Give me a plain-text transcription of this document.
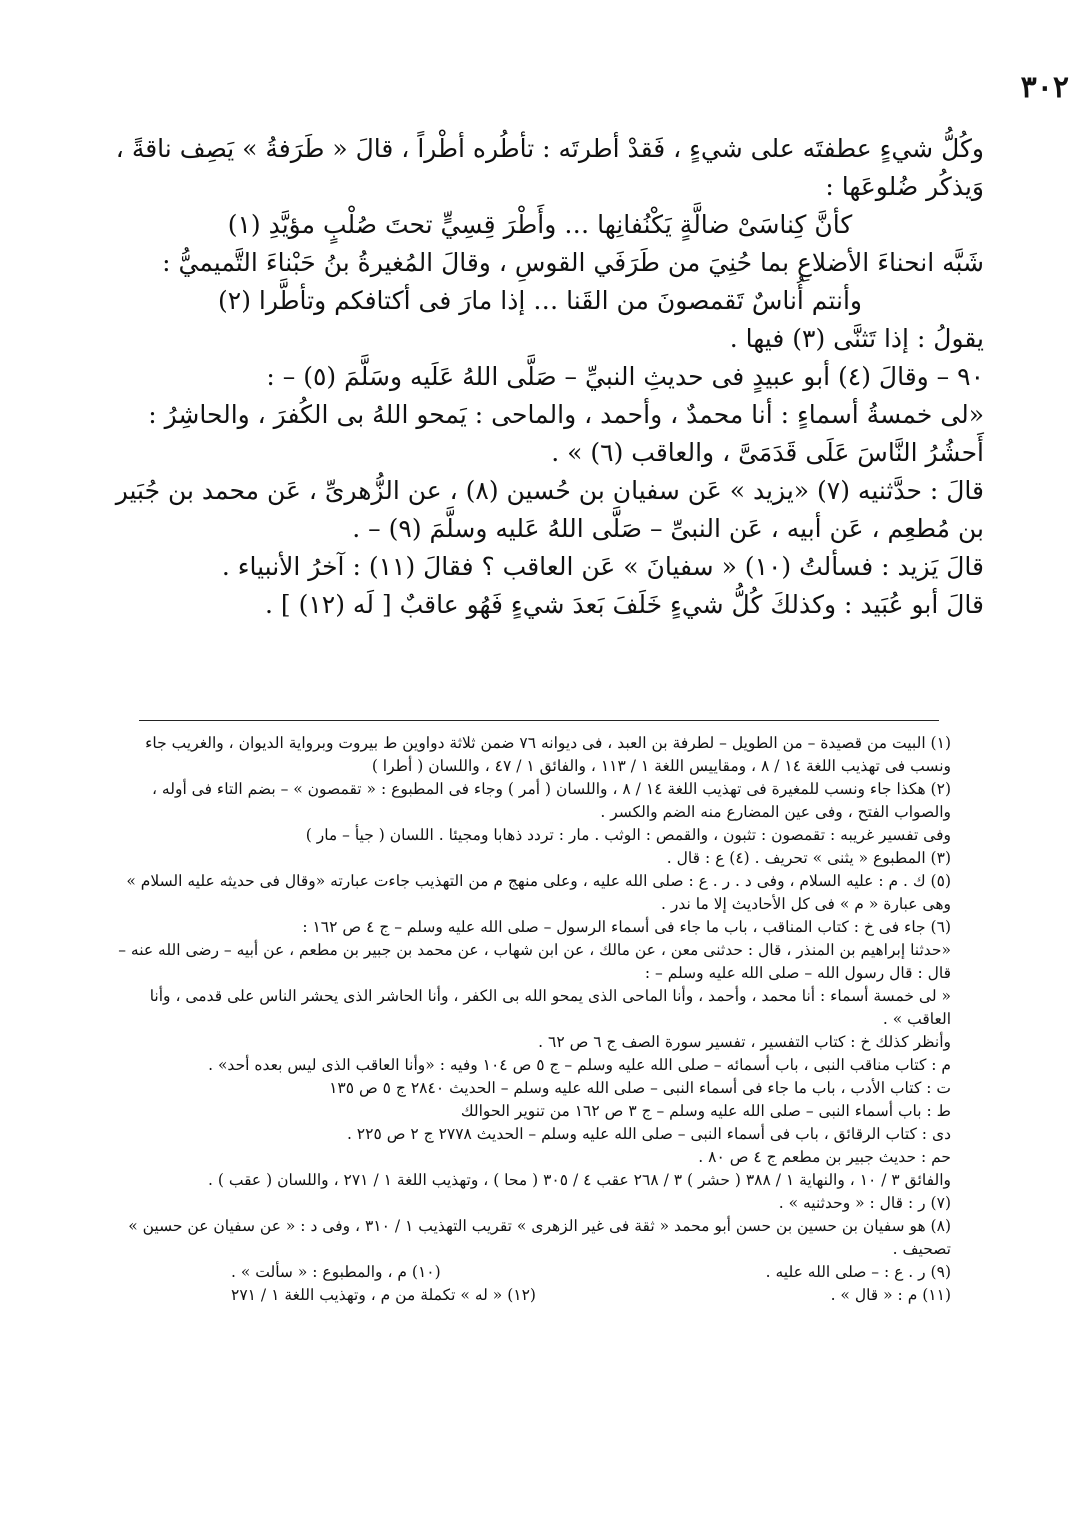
٣٠٢

وكُلُّ شيءٍ عطفتَه على شيءٍ ، فَقدْ أطرتَه : تأطُره أطْراً ، قالَ « طَرَفةُ » يَصِف ناقةً ، وَيذكُر ضُلوعَها :

كأنَّ كِناسَىْ ضالَّةٍ يَكْنُفانِها … وأَطْرَ قِسِيٍّ تحتَ صُلْبٍ مؤيَّدِ (١)

شَبَّه انحناءَ الأضلاعِ بما حُنِيَ من طَرَفَي القوسِ ، وقالَ المُغيرةُ بنُ حَبْناءَ التَّميميُّ :

وأنتم أُناسٌ تَقمصونَ من القَنا … إذا مارَ فى أكتافكم وتأطَّرا (٢)

يقولُ : إذا تَثنَّى (٣) فيها .

٩٠ – وقالَ (٤) أبو عبيدٍ فى حديثِ النبيِّ – صَلَّى اللهُ عَلَيه وسَلَّمَ (٥) – :

«لى خمسةُ أسماءٍ : أنا محمدٌ ، وأحمد ، والماحى : يَمحو اللهُ بى الكُفرَ ، والحاشِرُ : أَحشُرُ النَّاسَ عَلَى قَدَمَىَّ ، والعاقب (٦) » .

قالَ : حدَّثنيه (٧) «يزيد » عَن سفيان بن حُسين (٨) ، عن الزُّهرىِّ ، عَن محمد بن جُبَير بن مُطعِم ، عَن أبيه ، عَن النبىِّ – صَلَّى اللهُ عَليه وسلَّمَ (٩) – .

قالَ يَزيد : فسألتُ (١٠) « سفيانَ » عَن العاقب ؟ فقالَ (١١) : آخرُ الأنبياء .

قالَ أبو عُبَيد : وكذلكَ كُلُّ شيءٍ خَلَفَ بَعدَ شيءٍ فَهُو عاقبٌ [ لَه (١٢) ] .

(١) البيت من قصيدة – من الطويل – لطرفة بن العبد ، فى ديوانه ٧٦ ضمن ثلاثة دواوين ط بيروت وبرواية الديوان ، والغريب جاء ونسب فى تهذيب اللغة ١٤ / ٨ ، ومقاييس اللغة ١ / ١١٣ ، والفائق ١ / ٤٧ ، واللسان ( أطرا )

(٢) هكذا جاء ونسب للمغيرة فى تهذيب اللغة ١٤ / ٨ ، واللسان ( أمر ) وجاء فى المطبوع : « تقمصون » – بضم التاء فى أوله ، والصواب الفتح ، وفى عين المضارع منه الضم والكسر .

وفى تفسير غريبه : تقمصون : تثبون ، والقمص : الوثب . مار : تردد ذهابا ومجيئا . اللسان ( جيأ – مار )

(٣) المطبوع « يثنى » تحريف . (٤) ع : قال .

(٥) ك . م : عليه السلام ، وفى د . ر . ع : صلى الله عليه ، وعلى منهج م من التهذيب جاءت عبارته «وقال فى حديثه عليه السلام » وهى عبارة « م » فى كل الأحاديث إلا ما ندر .

(٦) جاء فى خ : كتاب المناقب ، باب ما جاء فى أسماء الرسول – صلى الله عليه وسلم – ج ٤ ص ١٦٢ :

«حدثنا إبراهيم بن المنذر ، قال : حدثنى معن ، عن مالك ، عن ابن شهاب ، عن محمد بن جبير بن مطعم ، عن أبيه – رضى الله عنه – قال : قال رسول الله – صلى الله عليه وسلم – :

« لى خمسة أسماء : أنا محمد ، وأحمد ، وأنا الماحى الذى يمحو الله بى الكفر ، وأنا الحاشر الذى يحشر الناس على قدمى ، وأنا العاقب » .

وأنظر كذلك خ : كتاب التفسير ، تفسير سورة الصف ج ٦ ص ٦٢ .

م : كتاب مناقب النبى ، باب أسمائه – صلى الله عليه وسلم – ج ٥ ص ١٠٤ وفيه : «وأنا العاقب الذى ليس بعده أحد» .

ت : كتاب الأدب ، باب ما جاء فى أسماء النبى – صلى الله عليه وسلم – الحديث ٢٨٤٠ ج ٥ ص ١٣٥

ط : باب أسماء النبى – صلى الله عليه وسلم – ج ٣ ص ١٦٢ من تنوير الحوالك

دى : كتاب الرقائق ، باب فى أسماء النبى – صلى الله عليه وسلم – الحديث ٢٧٧٨ ج ٢ ص ٢٢٥ .

حم : حديث جبير بن مطعم ج ٤ ص ٨٠ .

والفائق ٣ / ١٠ ، والنهاية ١ / ٣٨٨ ( حشر ) ٣ / ٢٦٨ عقب ٤ / ٣٠٥ ( محا ) ، وتهذيب اللغة ١ / ٢٧١ ، واللسان ( عقب ) .

(٧) ر : قال : « وحدثنيه » .

(٨) هو سفيان بن حسين بن حسن أبو محمد « ثقة فى غير الزهرى » تقريب التهذيب ١ / ٣١٠ ، وفى د : « عن سفيان عن حسين » تصحيف .

(٩) ر . ع : – صلى الله عليه .
(١٠) م ، والمطبوع : « سألت » .
(١١) م : « قال » .
(١٢) « له » تكملة من م ، وتهذيب اللغة ١ / ٢٧١
